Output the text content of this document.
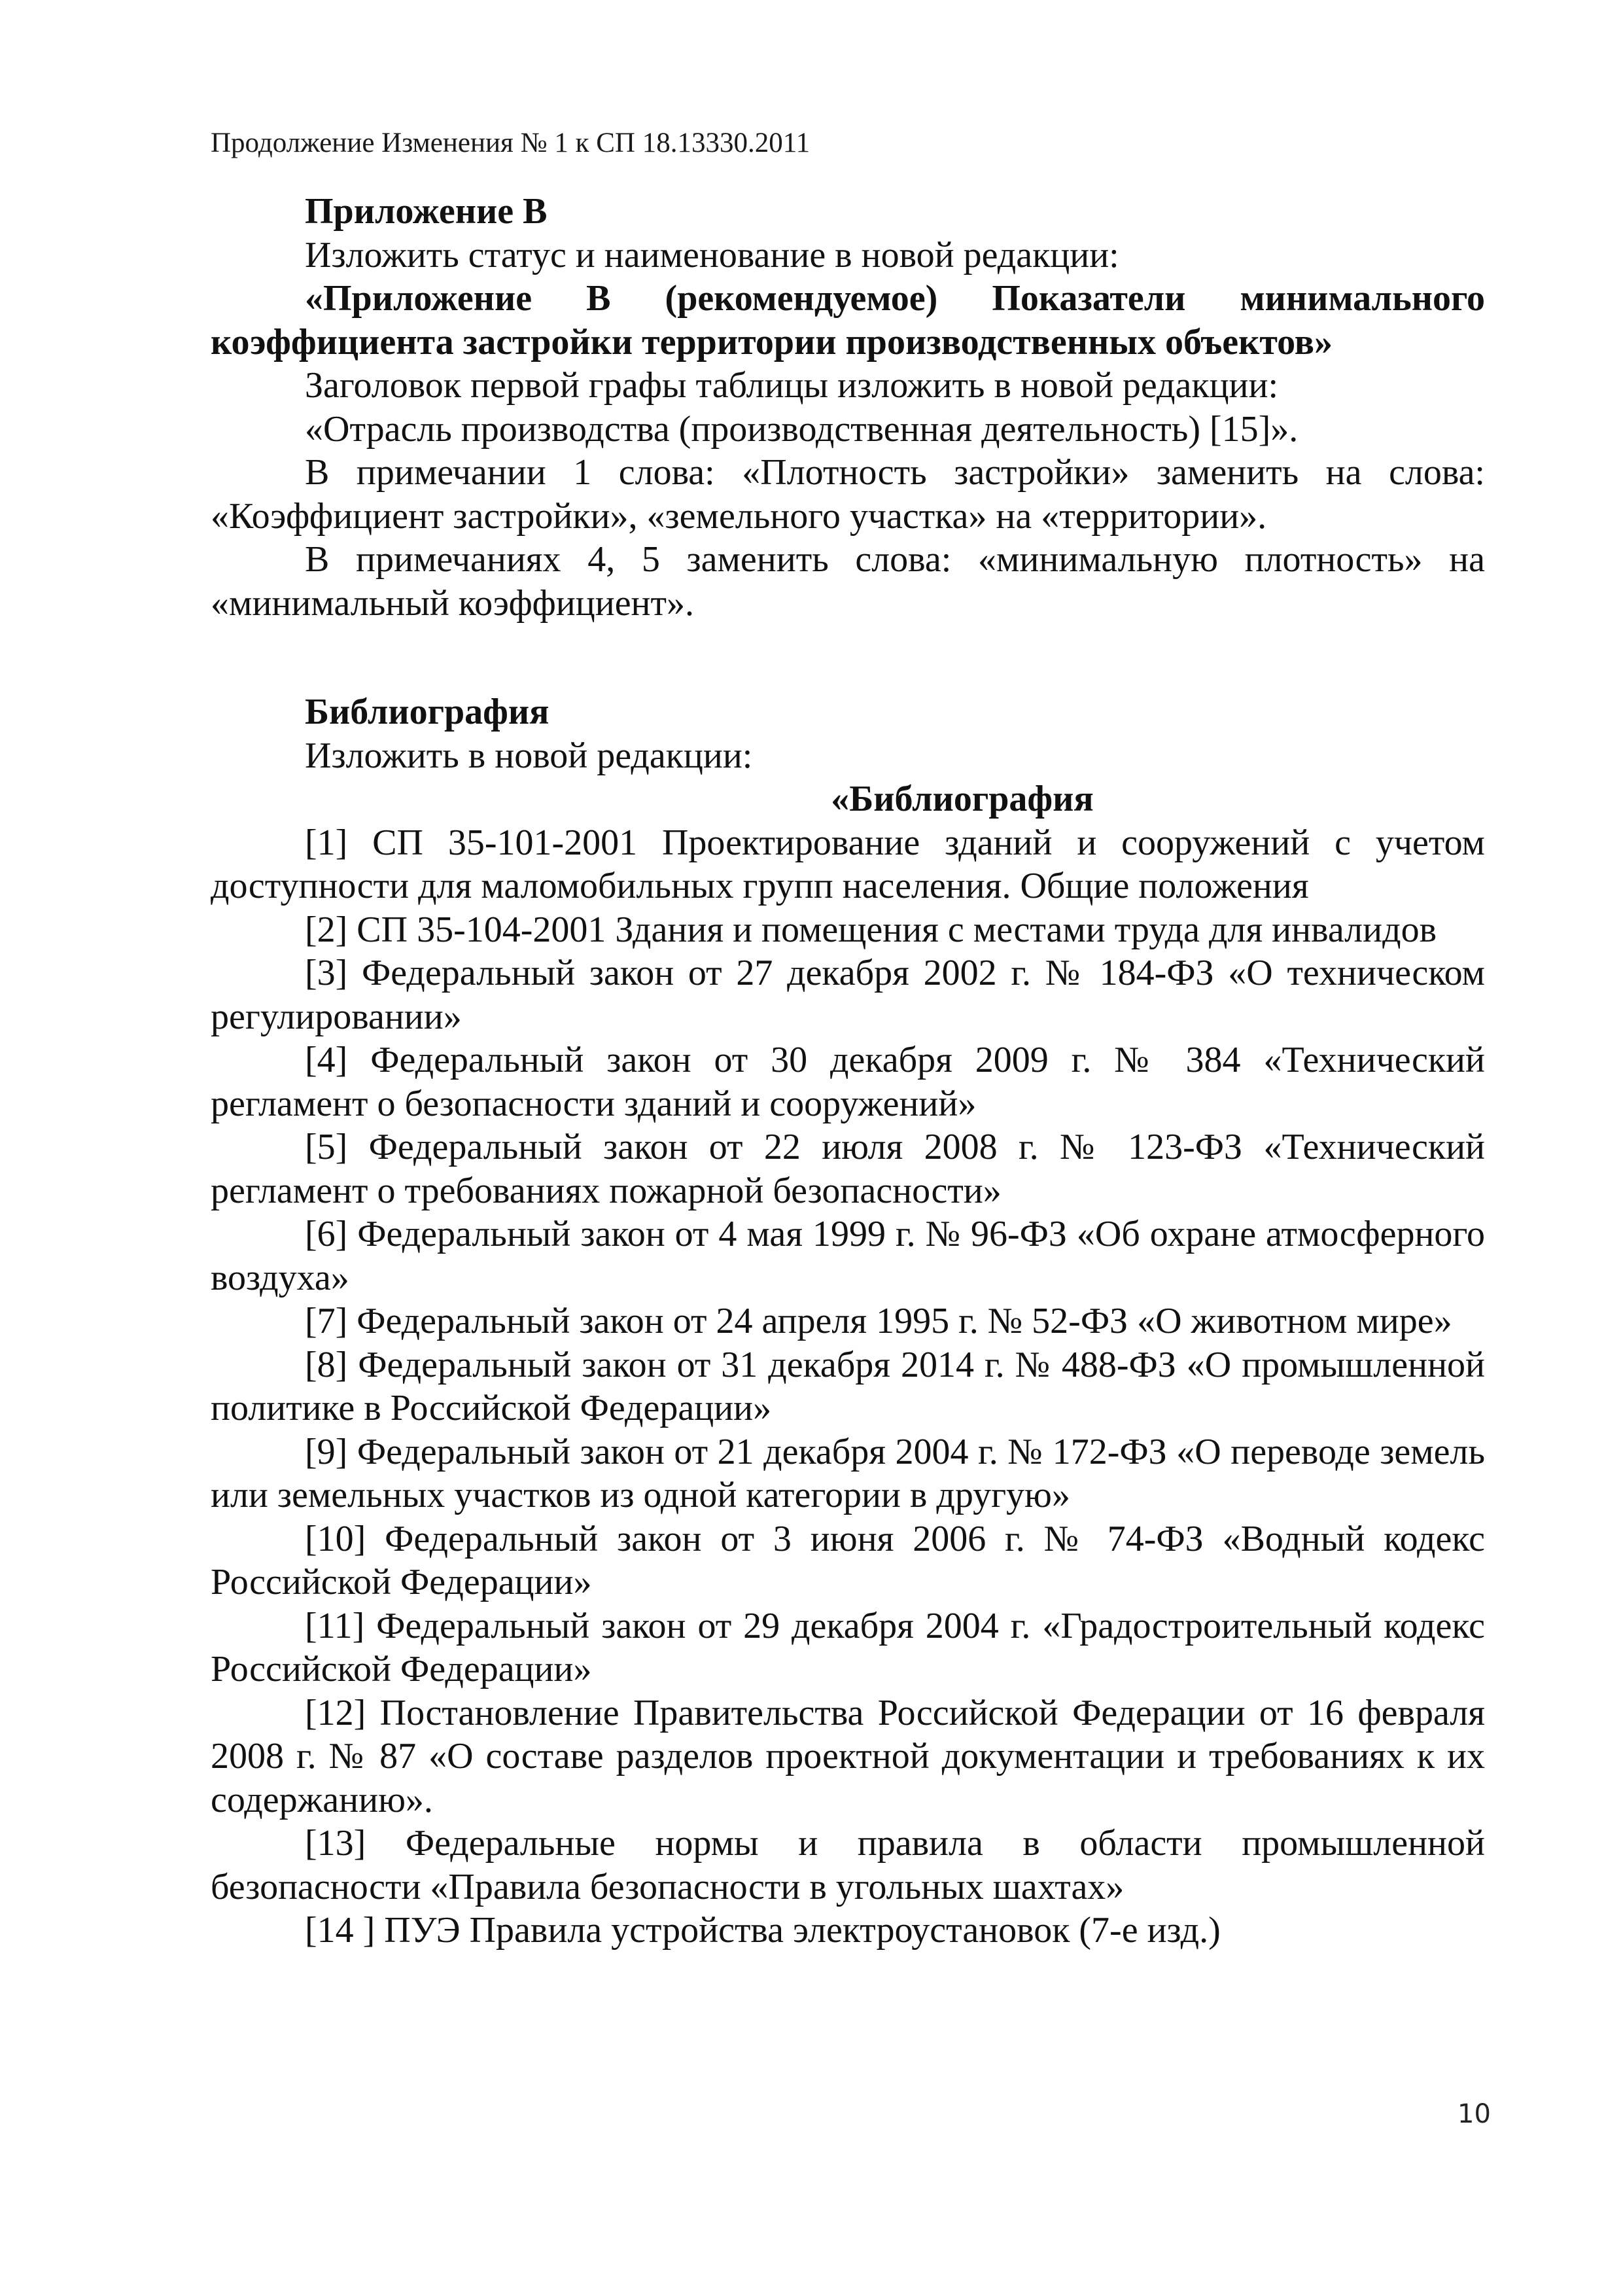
Продолжение Изменения № 1 к СП 18.13330.2011

Приложение В

Изложить статус и наименование в новой редакции:

«Приложение В (рекомендуемое) Показатели минимального коэффициента застройки территории производственных объектов»

Заголовок первой графы таблицы изложить в новой редакции:

«Отрасль производства (производственная деятельность) [15]».

В примечании 1 слова: «Плотность застройки» заменить на слова: «Коэффициент застройки», «земельного участка» на «территории».

В примечаниях 4, 5 заменить слова: «минимальную плотность» на «минимальный коэффициент».

Библиография

Изложить в новой редакции:

«Библиография

[1] СП 35-101-2001 Проектирование зданий и сооружений с учетом доступности для маломобильных групп населения. Общие положения

[2] СП 35-104-2001 Здания и помещения с местами труда для инвалидов

[3] Федеральный закон от 27 декабря 2002 г. № 184-ФЗ «О техническом регулировании»

[4] Федеральный закон от 30 декабря 2009 г. № 384 «Технический регламент о безопасности зданий и сооружений»

[5] Федеральный закон от 22 июля 2008 г. № 123-ФЗ «Технический регламент о требованиях пожарной безопасности»

[6] Федеральный закон от 4 мая 1999 г. № 96-ФЗ «Об охране атмосферного воздуха»

[7] Федеральный закон от 24 апреля 1995 г. № 52-ФЗ «О животном мире»

[8] Федеральный закон от 31 декабря 2014 г. № 488-ФЗ «О промышленной политике в Российской Федерации»

[9] Федеральный закон от 21 декабря 2004 г. № 172-ФЗ «О переводе земель или земельных участков из одной категории в другую»

[10] Федеральный закон от 3 июня 2006 г. № 74-ФЗ «Водный кодекс Российской Федерации»

[11] Федеральный закон от 29 декабря 2004 г. «Градостроительный кодекс Российской Федерации»

[12] Постановление Правительства Российской Федерации от 16 февраля 2008 г. № 87 «О составе разделов проектной документации и требованиях к их содержанию».

[13] Федеральные нормы и правила в области промышленной безопасности «Правила безопасности в угольных шахтах»

[14 ] ПУЭ Правила устройства электроустановок (7-е изд.)

10
